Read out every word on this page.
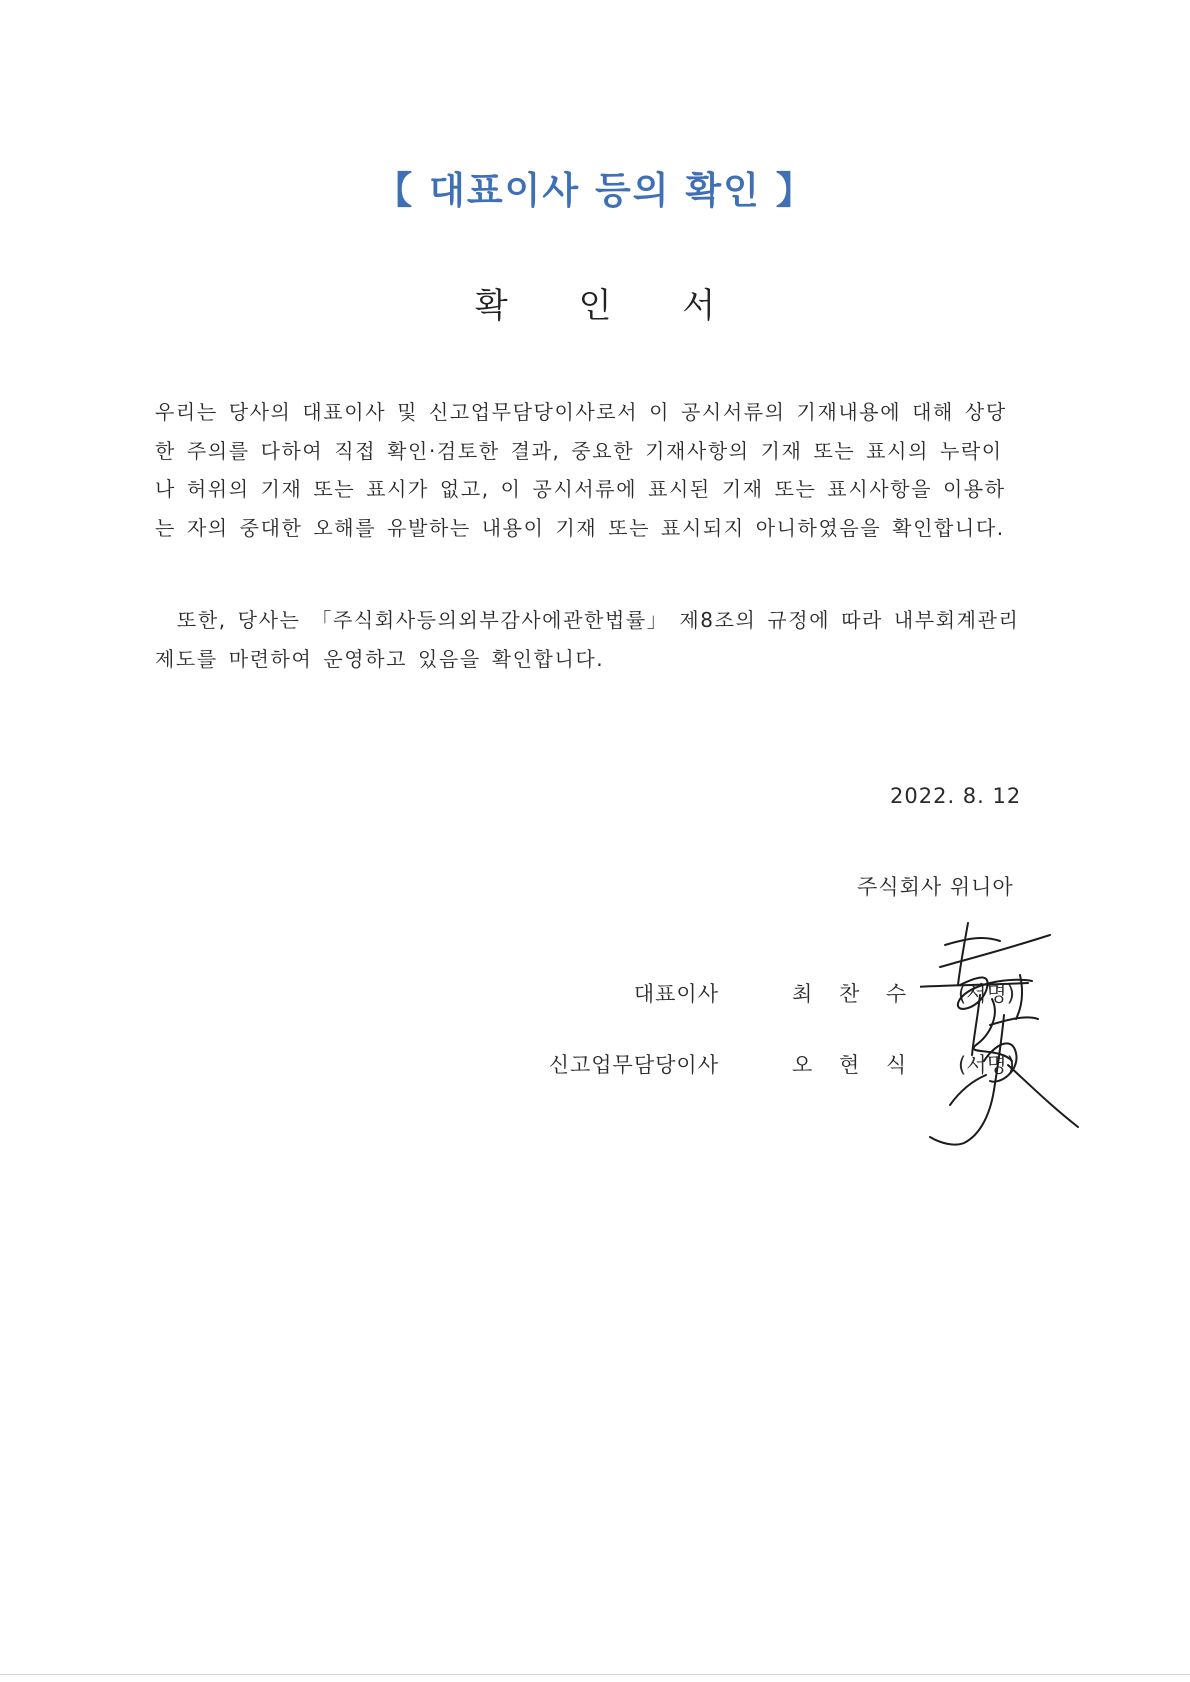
【 대표이사 등의 확인 】
확 인 서
우리는 당사의 대표이사 및 신고업무담당이사로서 이 공시서류의 기재내용에 대해 상당
한 주의를 다하여 직접 확인·검토한 결과, 중요한 기재사항의 기재 또는 표시의 누락이
나 허위의 기재 또는 표시가 없고, 이 공시서류에 표시된 기재 또는 표시사항을 이용하
는 자의 중대한 오해를 유발하는 내용이 기재 또는 표시되지 아니하였음을 확인합니다.
또한, 당사는 「주식회사등의외부감사에관한법률」 제8조의 규정에 따라 내부회계관리
제도를 마련하여 운영하고 있음을 확인합니다.
2022. 8. 12
주식회사 위니아
대표이사	최 찬 수 (서명)
신고업무담당이사	오 현 식 (서명)
